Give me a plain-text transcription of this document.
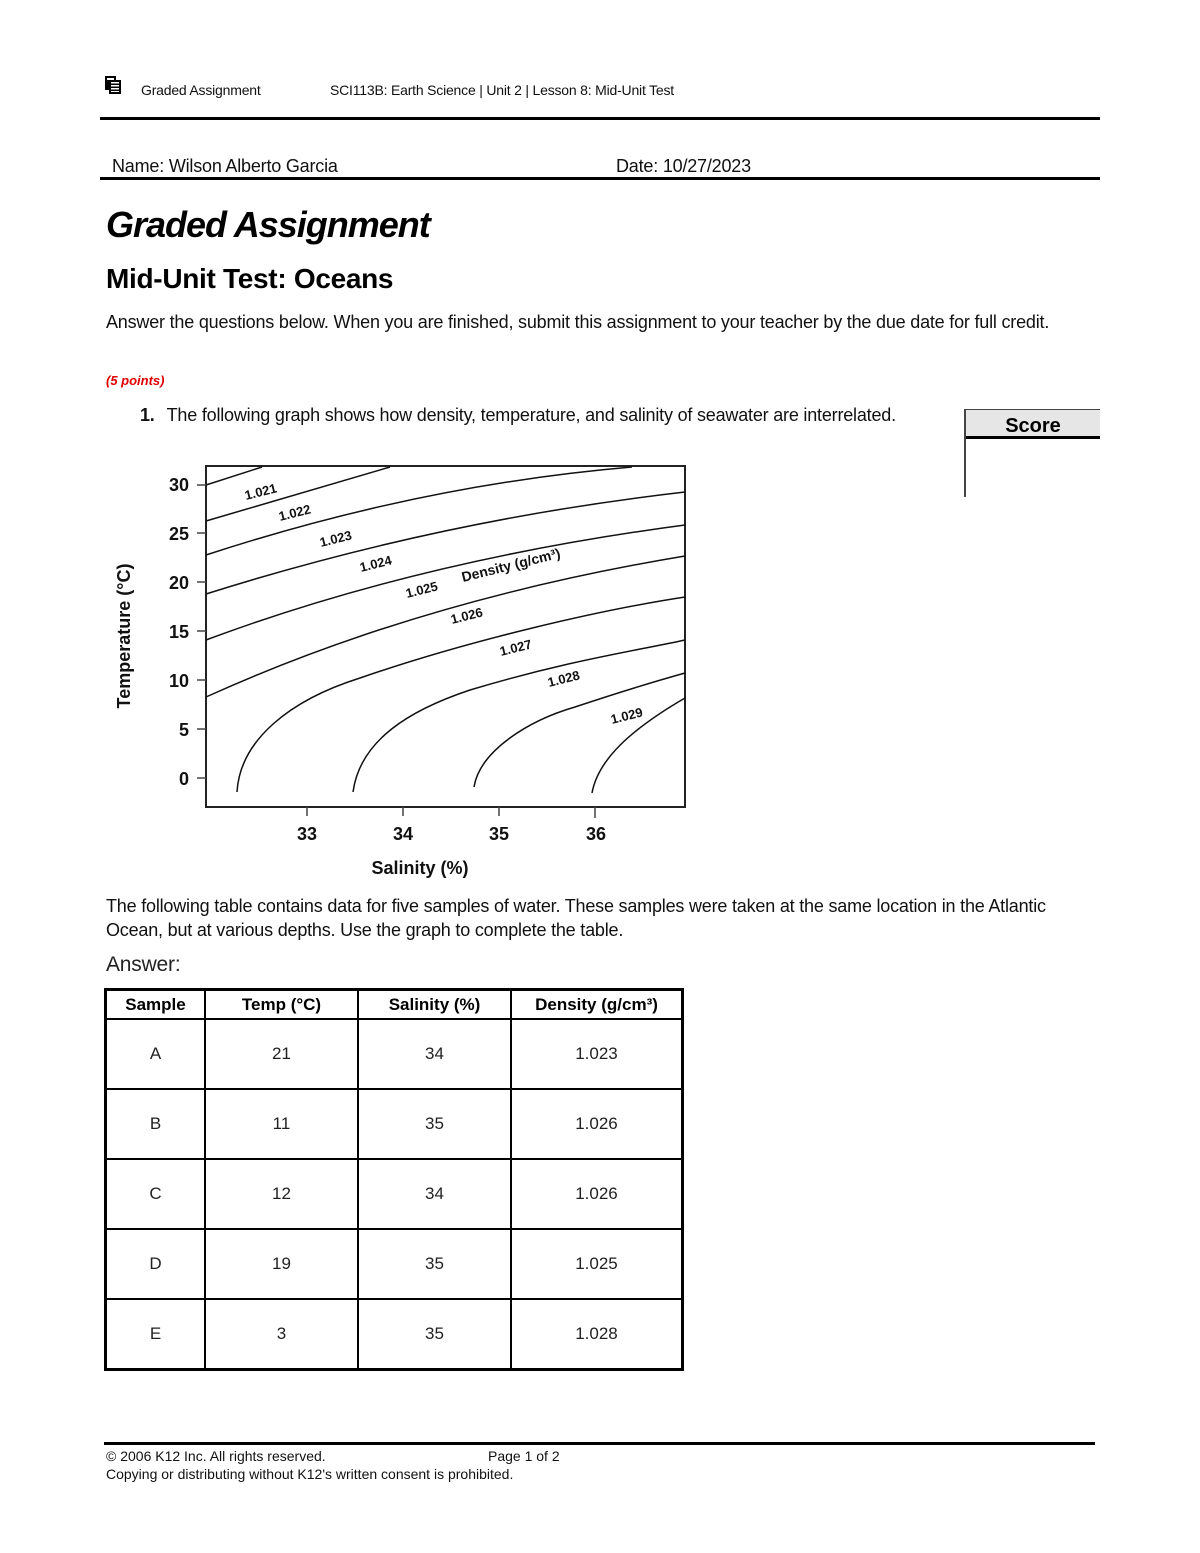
Graded Assignment	SCI113B: Earth Science | Unit 2 | Lesson 8: Mid-Unit Test
Name: Wilson Alberto Garcia	Date: 10/27/2023
Graded Assignment
Mid-Unit Test: Oceans
Answer the questions below. When you are finished, submit this assignment to your teacher by the due date for full credit.
(5 points)
1. The following graph shows how density, temperature, and salinity of seawater are interrelated.	Score
30
25
20
15
10
5
0
33	34	35	36
Salinity (%)
Temperature (°C)
1.021
1.022
1.023
1.024
1.025
1.026
1.027
1.028
1.029
Density (g/cm³)
The following table contains data for five samples of water. These samples were taken at the same location in the Atlantic Ocean, but at various depths. Use the graph to complete the table.
Answer:
Sample	Temp (°C)	Salinity (%)	Density (g/cm³)
A	21	34	1.023
B	11	35	1.026
C	12	34	1.026
D	19	35	1.025
E	3	35	1.028
© 2006 K12 Inc. All rights reserved.	Page 1 of 2
Copying or distributing without K12's written consent is prohibited.
